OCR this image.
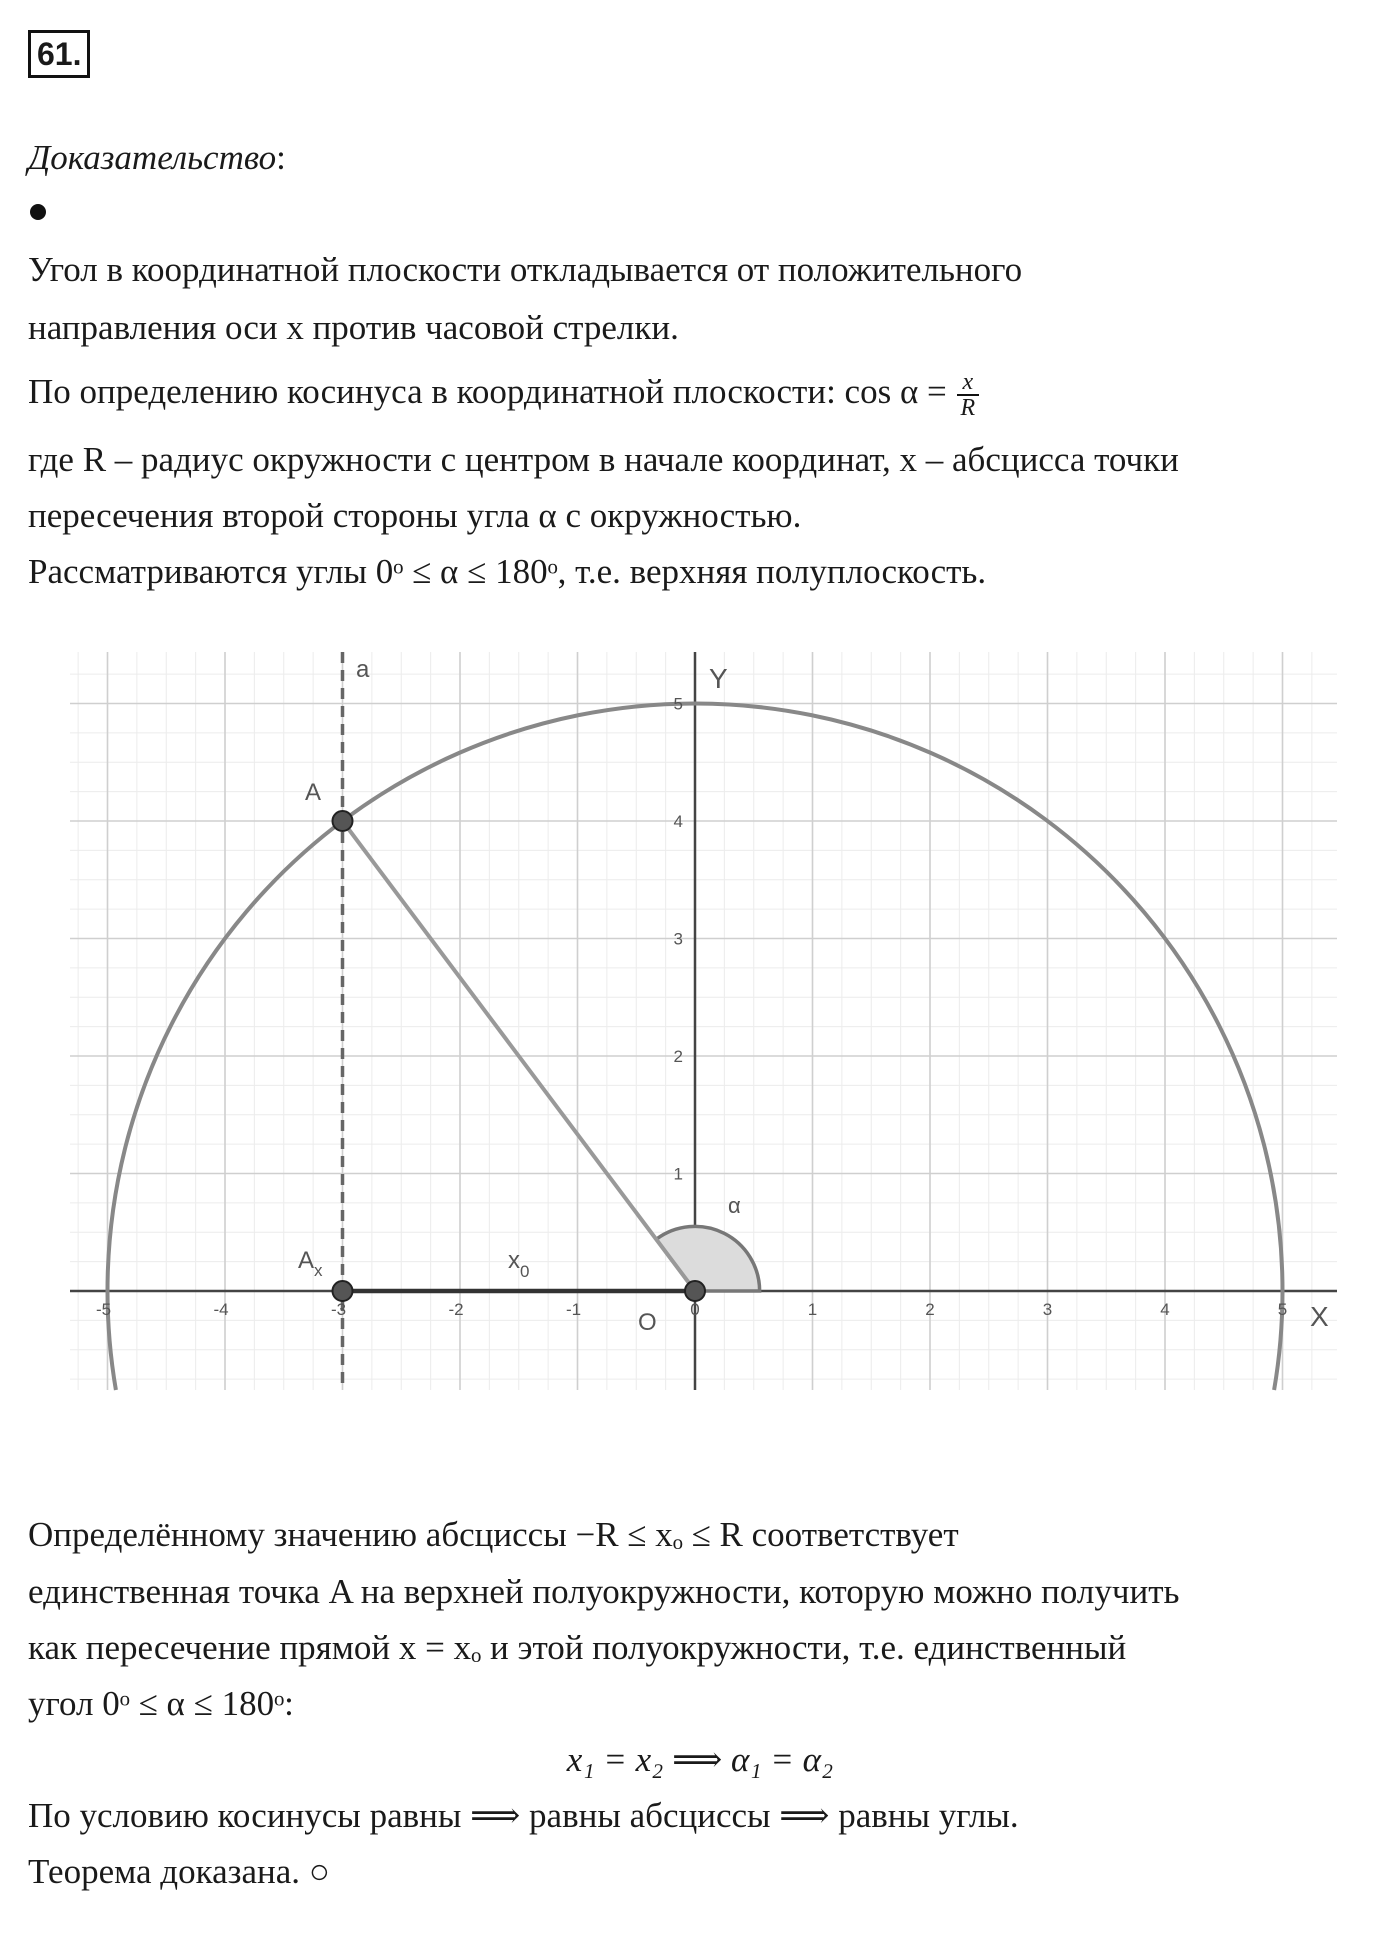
61.
Доказательство:
Угол в координатной плоскости откладывается от положительного
направления оси x против часовой стрелки.
По определению косинуса в координатной плоскости: $\cos \alpha = \frac{x}{R}$
где R – радиус окружности с центром в начале координат, x – абсцисса точки
пересечения второй стороны угла α с окружностью.
Рассматриваются углы 0ᵒ ≤ α ≤ 180ᵒ, т.е. верхняя полуплоскость.
-5	-4	-3	-2	-1	0	1	2	3	4	5
1
2
3
4
5
X
Y
a
A
$A_x$	$x_0$
O
α
Определённому значению абсциссы −R ≤ xₒ ≤ R соответствует
единственная точка A на верхней полуокружности, которую можно получить
как пересечение прямой x = xₒ и этой полуокружности, т.е. единственный
угол 0ᵒ ≤ α ≤ 180ᵒ:
x₁ = x₂ ⟹ α₁ = α₂
По условию косинусы равны ⟹ равны абсциссы ⟹ равны углы.
Теорема доказана. ○
